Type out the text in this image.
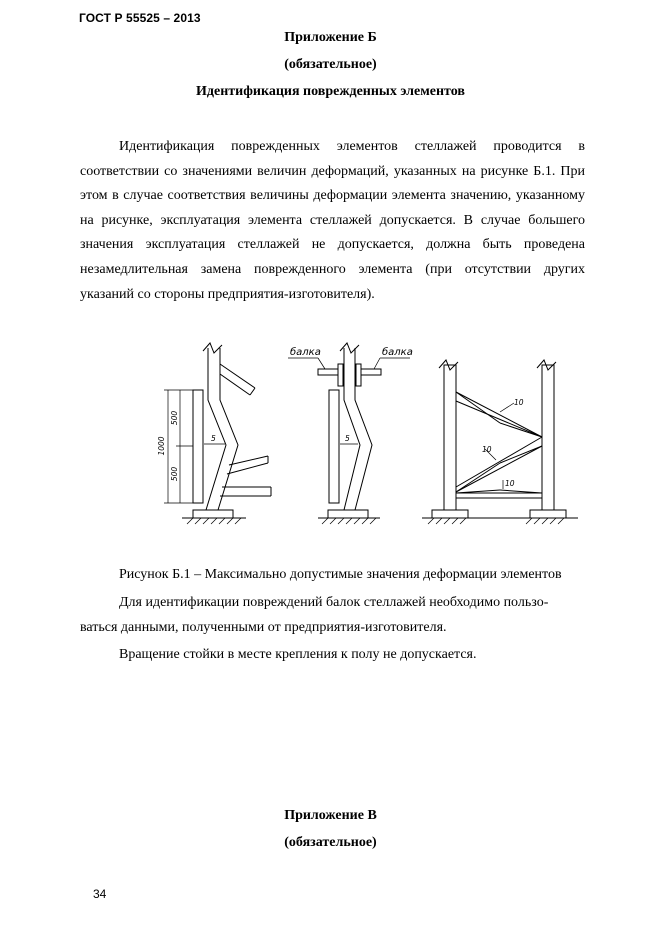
ГОСТ Р 55525 – 2013
Приложение Б
(обязательное)
Идентификация поврежденных элементов

Идентификация поврежденных элементов стеллажей проводится в соответствии со значениями величин деформаций, указанных на рисунке Б.1. При этом в случае соответствия величины деформации элемента значению, указанному на рисунке, эксплуатация элемента стеллажей допускается. В случае большего значения эксплуатация стеллажей не допускается, должна быть проведена незамедлительная замена поврежденного элемента (при отсутствии других указаний со стороны предприятия-изготовителя).

1000
500
500
5	5
балка	балка
10
10
10
Рисунок Б.1 – Максимально допустимые значения деформации элементов
Для идентификации повреждений балок стеллажей необходимо пользо-
ваться данными, полученными от предприятия-изготовителя.
Вращение стойки в месте крепления к полу не допускается.
Приложение В
(обязательное)
34
